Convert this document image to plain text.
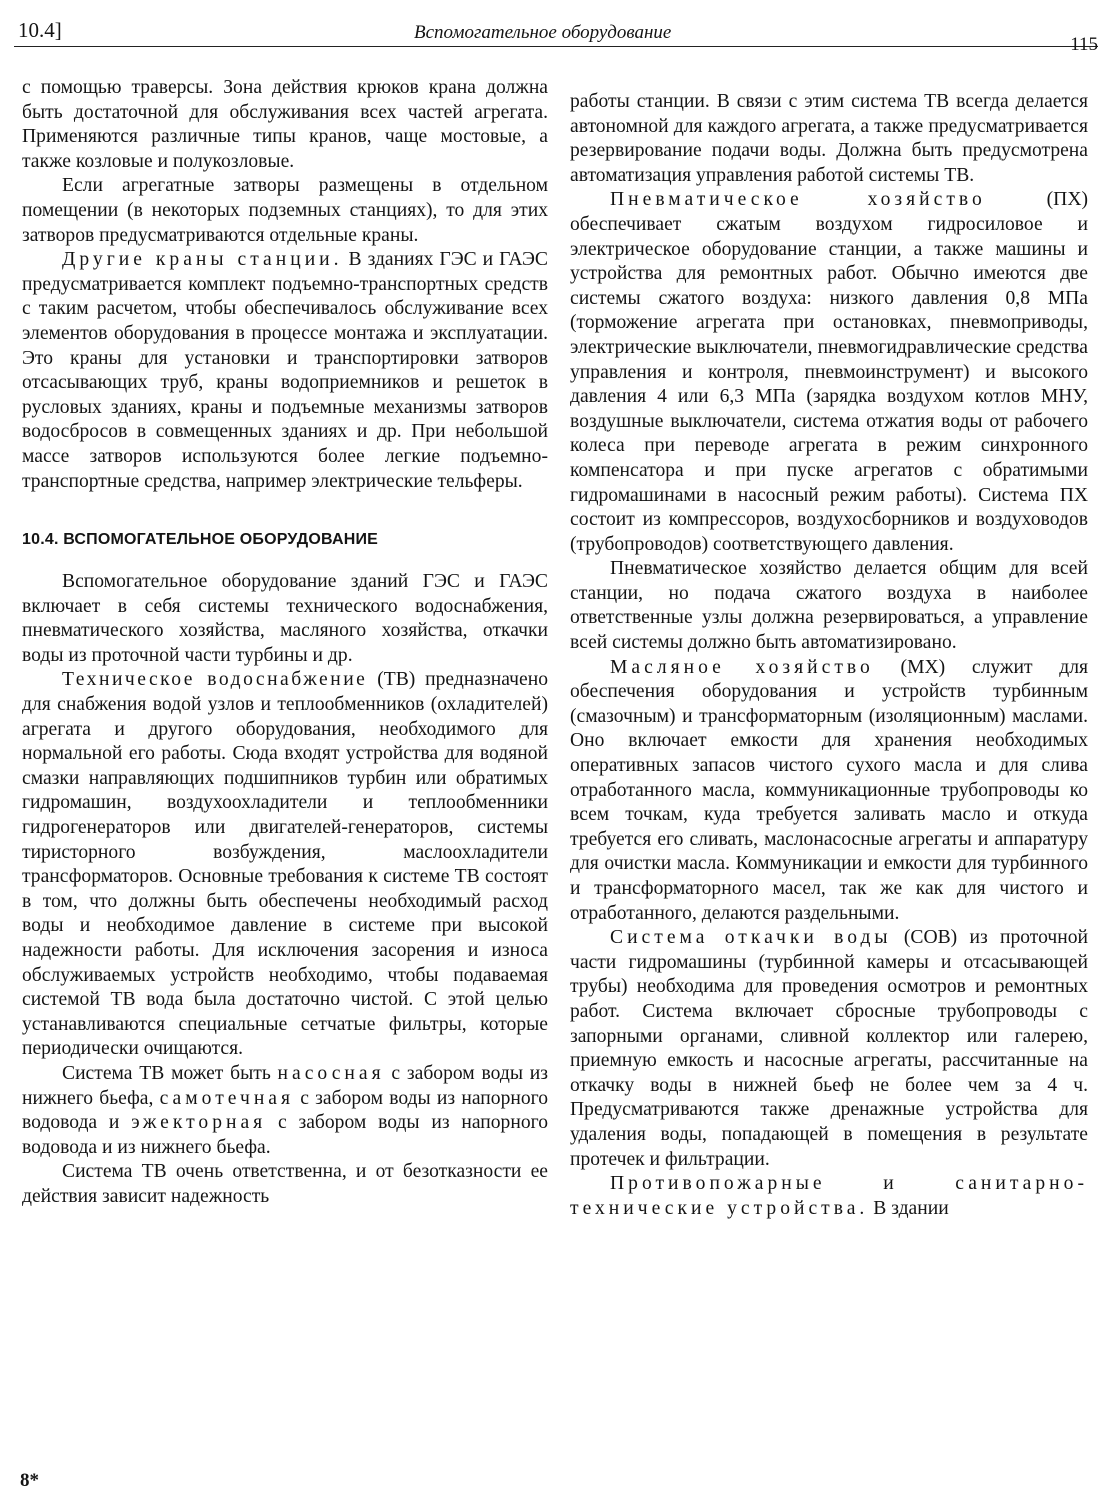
10.4]	Вспомогательное оборудование
115

с помощью траверсы. Зона действия крюков крана должна быть достаточной для обслуживания всех частей агрегата. Применяются различные типы кранов, чаще мостовые, а также козловые и полукозловые.

Если агрегатные затворы размещены в отдельном помещении (в некоторых подземных станциях), то для этих затворов предусматриваются отдельные краны.

Другие краны станции. В зданиях ГЭС и ГАЭС предусматривается комплект подъемно-транспортных средств с таким расчетом, чтобы обеспечивалось обслуживание всех элементов оборудования в процессе монтажа и эксплуатации. Это краны для установки и транспортировки затворов отсасывающих труб, краны водоприемников и решеток в русловых зданиях, краны и подъемные механизмы затворов водосбросов в совмещенных зданиях и др. При небольшой массе затворов используются более легкие подъемно-транспортные средства, например электрические тельферы.

10.4. ВСПОМОГАТЕЛЬНОЕ ОБОРУДОВАНИЕ

Вспомогательное оборудование зданий ГЭС и ГАЭС включает в себя системы технического водоснабжения, пневматического хозяйства, масляного хозяйства, откачки воды из проточной части турбины и др.

Техническое водоснабжение (ТВ) предназначено для снабжения водой узлов и теплообменников (охладителей) агрегата и другого оборудования, необходимого для нормальной его работы. Сюда входят устройства для водяной смазки направляющих подшипников турбин или обратимых гидромашин, воздухоохладители и теплообменники гидрогенераторов или двигателей-генераторов, системы тиристорного возбуждения, маслоохладители трансформаторов. Основные требования к системе ТВ состоят в том, что должны быть обеспечены необходимый расход воды и необходимое давление в системе при высокой надежности работы. Для исключения засорения и износа обслуживаемых устройств необходимо, чтобы подаваемая системой ТВ вода была достаточно чистой. С этой целью устанавливаются специальные сетчатые фильтры, которые периодически очищаются.

Система ТВ может быть насосная с забором воды из нижнего бьефа, самотечная с забором воды из напорного водовода и эжекторная с забором воды из напорного водовода и из нижнего бьефа.

Система ТВ очень ответственна, и от безотказности ее действия зависит надежность

работы станции. В связи с этим система ТВ всегда делается автономной для каждого агрегата, а также предусматривается резервирование подачи воды. Должна быть предусмотрена автоматизация управления работой системы ТВ.

Пневматическое хозяйство (ПХ) обеспечивает сжатым воздухом гидросиловое и электрическое оборудование станции, а также машины и устройства для ремонтных работ. Обычно имеются две системы сжатого воздуха: низкого давления 0,8 МПа (торможение агрегата при остановках, пневмоприводы, электрические выключатели, пневмогидравлические средства управления и контроля, пневмоинструмент) и высокого давления 4 или 6,3 МПа (зарядка воздухом котлов МНУ, воздушные выключатели, система отжатия воды от рабочего колеса при переводе агрегата в режим синхронного компенсатора и при пуске агрегатов с обратимыми гидромашинами в насосный режим работы). Система ПХ состоит из компрессоров, воздухосборников и воздуховодов (трубопроводов) соответствующего давления.

Пневматическое хозяйство делается общим для всей станции, но подача сжатого воздуха в наиболее ответственные узлы должна резервироваться, а управление всей системы должно быть автоматизировано.

Масляное хозяйство (МХ) служит для обеспечения оборудования и устройств турбинным (смазочным) и трансформаторным (изоляционным) маслами. Оно включает емкости для хранения необходимых оперативных запасов чистого сухого масла и для слива отработанного масла, коммуникационные трубопроводы ко всем точкам, куда требуется заливать масло и откуда требуется его сливать, маслонасосные агрегаты и аппаратуру для очистки масла. Коммуникации и емкости для турбинного и трансформаторного масел, так же как для чистого и отработанного, делаются раздельными.

Система откачки воды (СОВ) из проточной части гидромашины (турбинной камеры и отсасывающей трубы) необходима для проведения осмотров и ремонтных работ. Система включает сбросные трубопроводы с запорными органами, сливной коллектор или галерею, приемную емкость и насосные агрегаты, рассчитанные на откачку воды в нижней бьеф не более чем за 4 ч. Предусматриваются также дренажные устройства для удаления воды, попадающей в помещения в результате протечек и фильтрации.

Противопожарные и санитарно-технические устройства. В здании

8*
